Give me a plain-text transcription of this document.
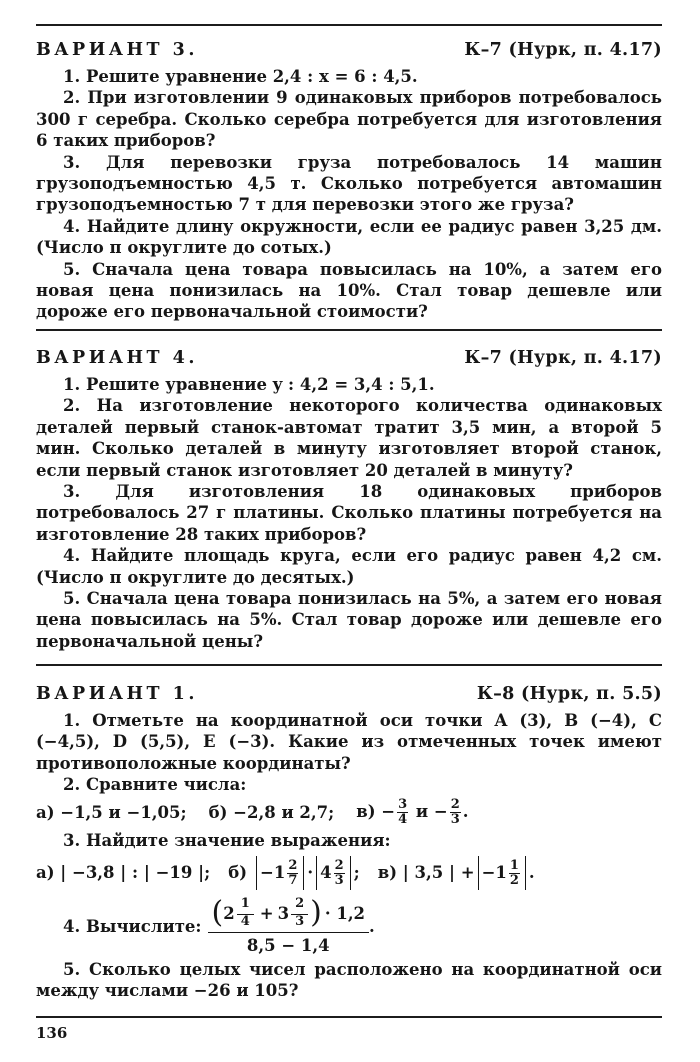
ВАРИАНТ 3.	К–7 (Нурк, п. 4.17)
1. Решите уравнение 2,4 : x = 6 : 4,5.
2. При изготовлении 9 одинаковых приборов потребовалось 300 г серебра. Сколько серебра потребуется для изготовления 6 таких приборов?
3. Для перевозки груза потребовалось 14 машин грузоподъемностью 4,5 т. Сколько потребуется автомашин грузоподъемностью 7 т для перевозки этого же груза?
4. Найдите длину окружности, если ее радиус равен 3,25 дм. (Число π округлите до сотых.)
5. Сначала цена товара повысилась на 10%, а затем его новая цена понизилась на 10%. Стал товар дешевле или дороже его первоначальной стоимости?
ВАРИАНТ 4.	К–7 (Нурк, п. 4.17)
1. Решите уравнение y : 4,2 = 3,4 : 5,1.
2. На изготовление некоторого количества одинаковых деталей первый станок-автомат тратит 3,5 мин, а второй 5 мин. Сколько деталей в минуту изготовляет второй станок, если первый станок изготовляет 20 деталей в минуту?
3. Для изготовления 18 одинаковых приборов потребовалось 27 г платины. Сколько платины потребуется на изготовление 28 таких приборов?
4. Найдите площадь круга, если его радиус равен 4,2 см. (Число π округлите до десятых.)
5. Сначала цена товара понизилась на 5%, а затем его новая цена повысилась на 5%. Стал товар дороже или дешевле его первоначальной цены?
ВАРИАНТ 1.	К–8 (Нурк, п. 5.5)
1. Отметьте на координатной оси точки A (3), B (−4), C (−4,5), D (5,5), E (−3). Какие из отмеченных точек имеют противоположные координаты?
2. Сравните числа:
а) −1,5 и −1,05; б) −2,8 и 2,7; $в) - \frac{3}{4}$ $и - \frac{2}{3}$ .
3. Найдите значение выражения:
а) | −3,8 | : | −19 |; $б) -1 \frac{2}{7} \cdot 4 \frac{2}{3}$ ; в) | 3,5 | + $-1 \frac{1}{2}$ .
4. Вычислите: ( $2 \frac{1}{4} + 3 \frac{2}{3}$ ) · 1,2
8,5 − 1,4
.
5. Сколько целых чисел расположено на координатной оси между числами −26 и 105?
136
